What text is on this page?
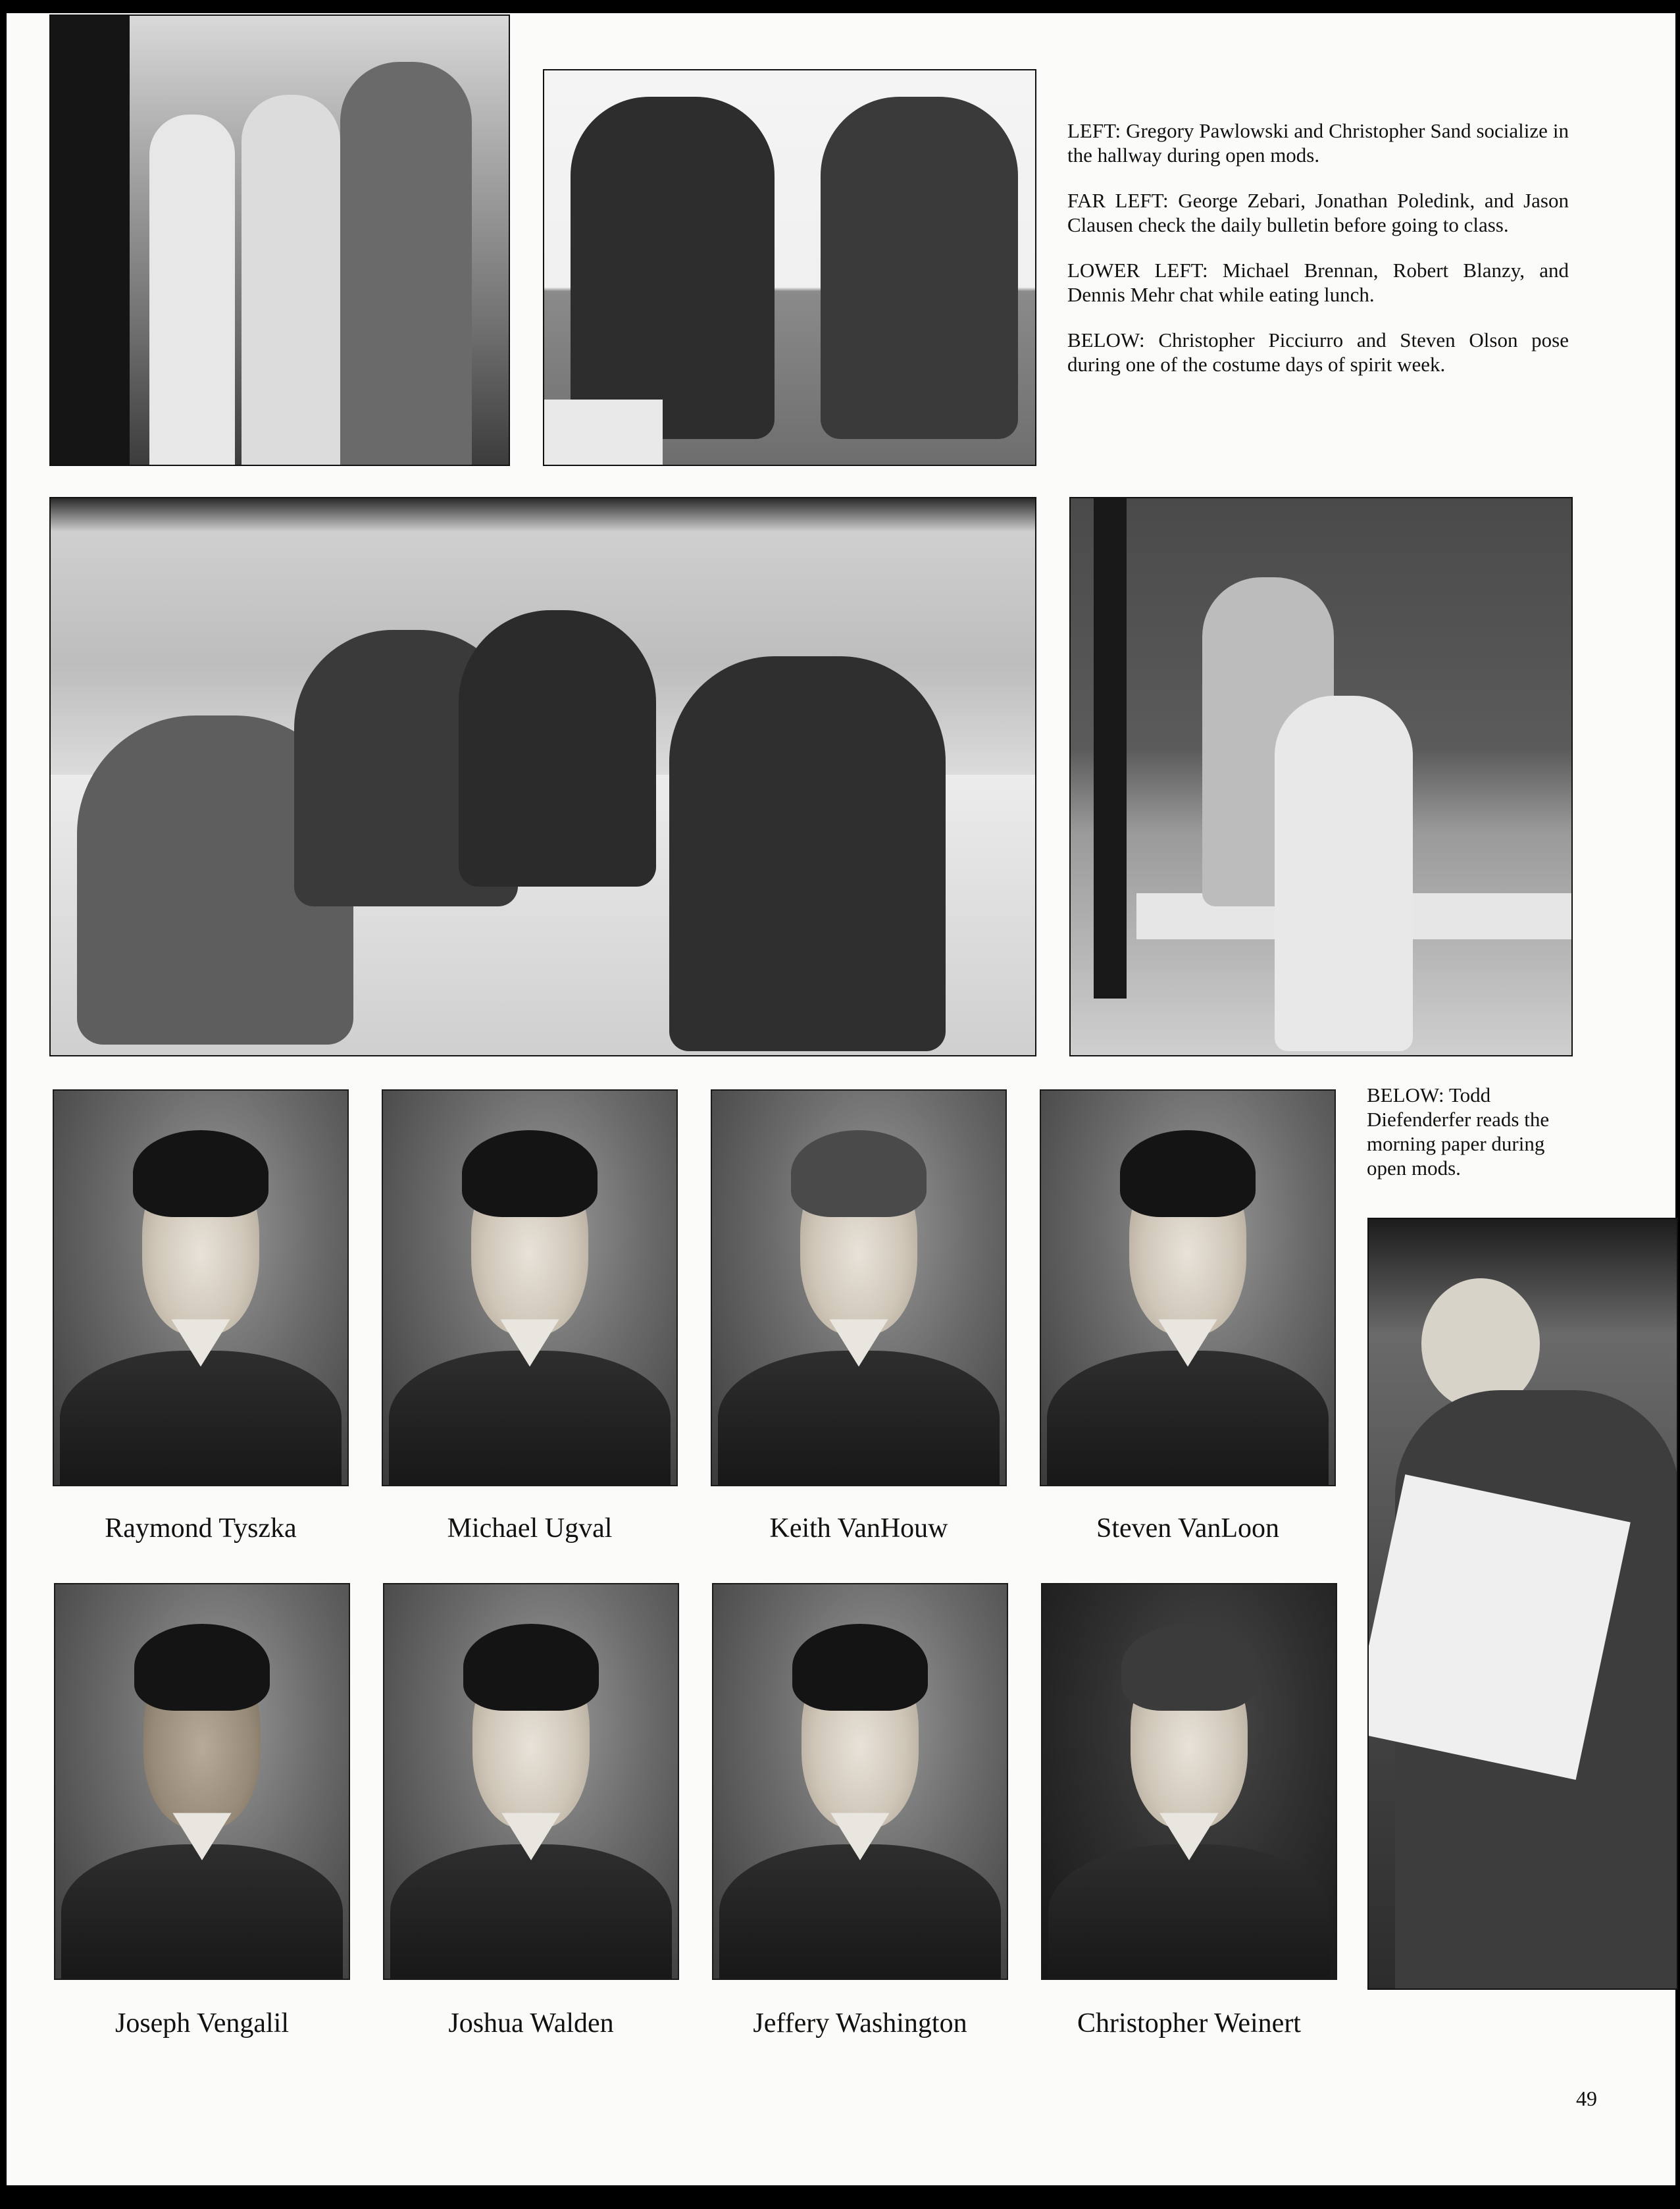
LEFT: Gregory Pawlowski and Christopher Sand socialize in the hallway during open mods.

FAR LEFT: George Zebari, Jonathan Poledink, and Jason Clausen check the daily bulletin before going to class.

LOWER LEFT: Michael Brennan, Robert Blanzy, and Dennis Mehr chat while eating lunch.

BELOW: Christopher Picciurro and Steven Olson pose during one of the costume days of spirit week.

BELOW: Todd Diefenderfer reads the morning paper during open mods.

Raymond Tyszka	Michael Ugval	Keith VanHouw	Steven VanLoon
Joseph Vengalil	Joshua Walden	Jeffery Washington	Christopher Weinert
49
